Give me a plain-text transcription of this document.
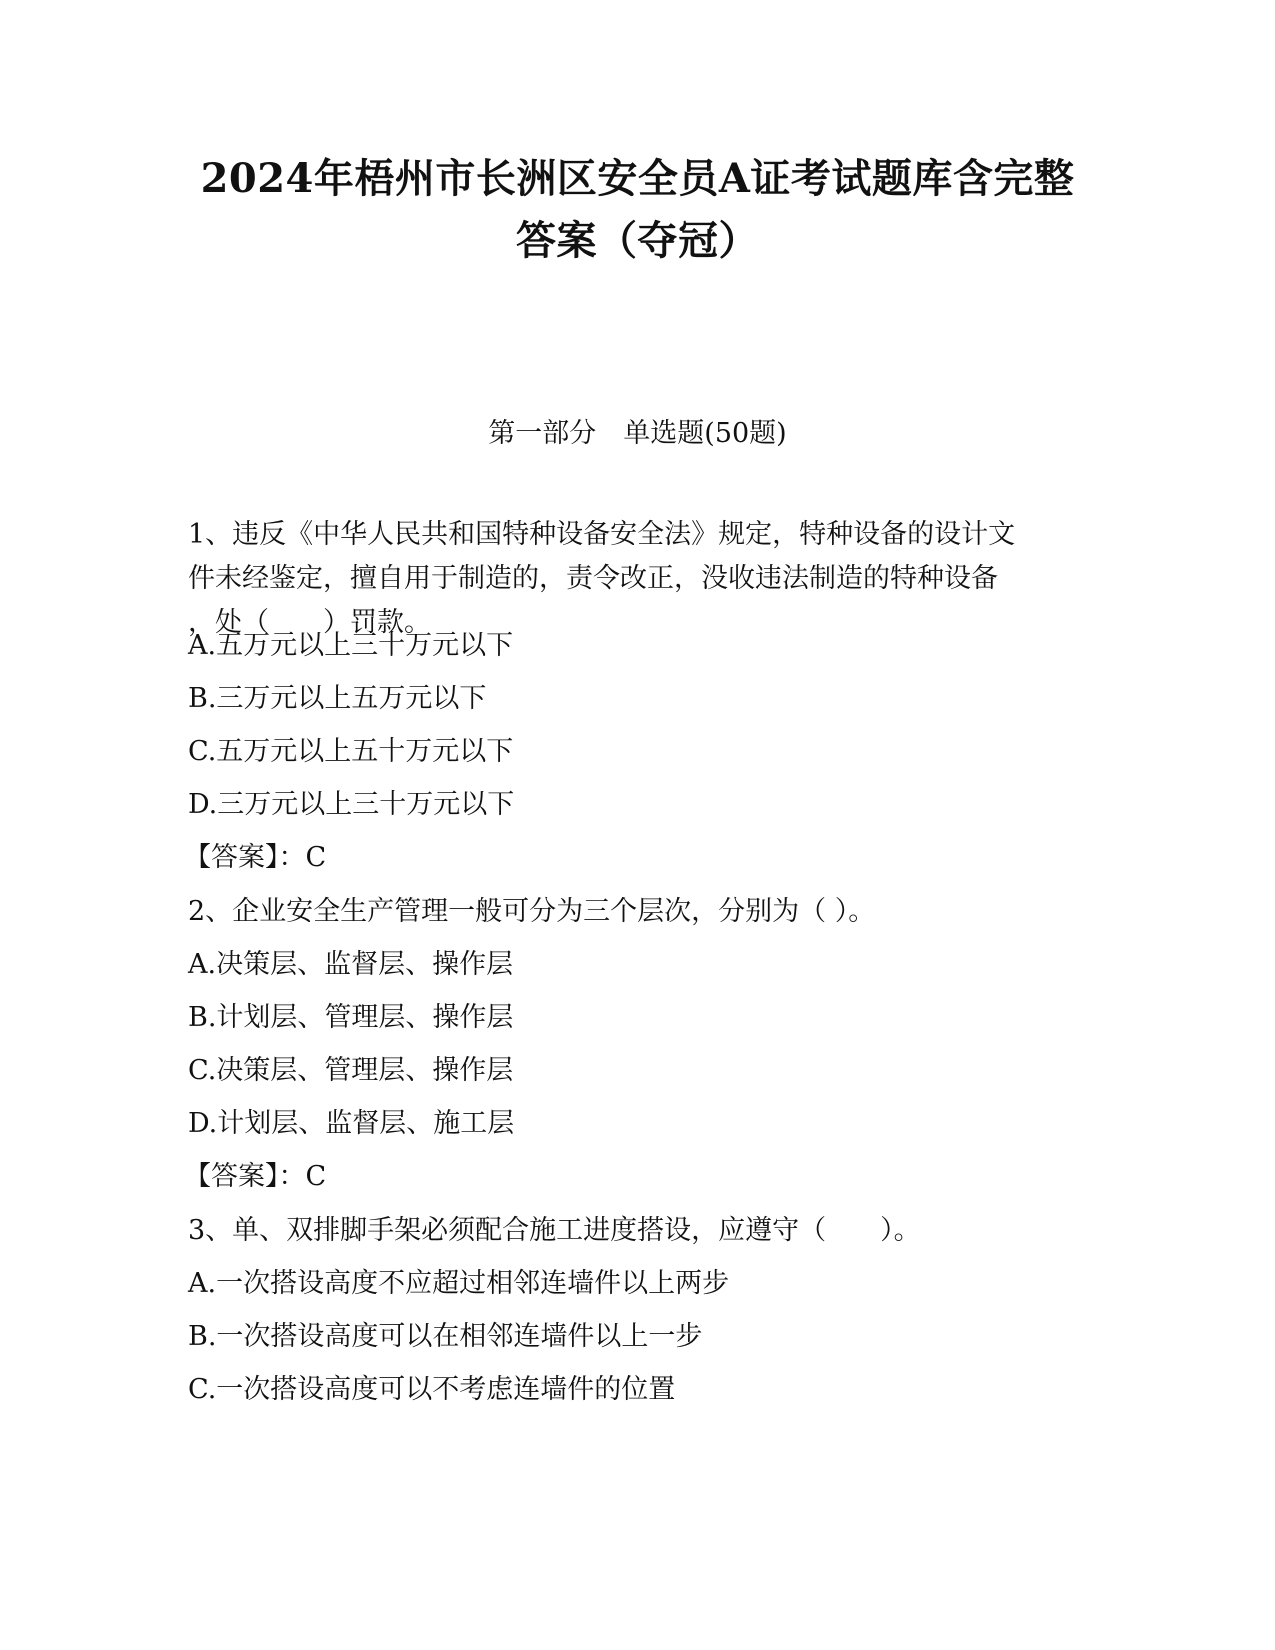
2024年梧州市长洲区安全员A证考试题库含完整
答案（夺冠）
第一部分　单选题(50题)
1、违反《中华人民共和国特种设备安全法》规定，特种设备的设计文
件未经鉴定，擅自用于制造的，责令改正，没收违法制造的特种设备
，处（　　）罚款。
A.五万元以上三十万元以下
B.三万元以上五万元以下
C.五万元以上五十万元以下
D.三万元以上三十万元以下
【答案】：C
2、企业安全生产管理一般可分为三个层次，分别为（ ）。
A.决策层、监督层、操作层
B.计划层、管理层、操作层
C.决策层、管理层、操作层
D.计划层、监督层、施工层
【答案】：C
3、单、双排脚手架必须配合施工进度搭设，应遵守（　　）。
A.一次搭设高度不应超过相邻连墙件以上两步
B.一次搭设高度可以在相邻连墙件以上一步
C.一次搭设高度可以不考虑连墙件的位置
